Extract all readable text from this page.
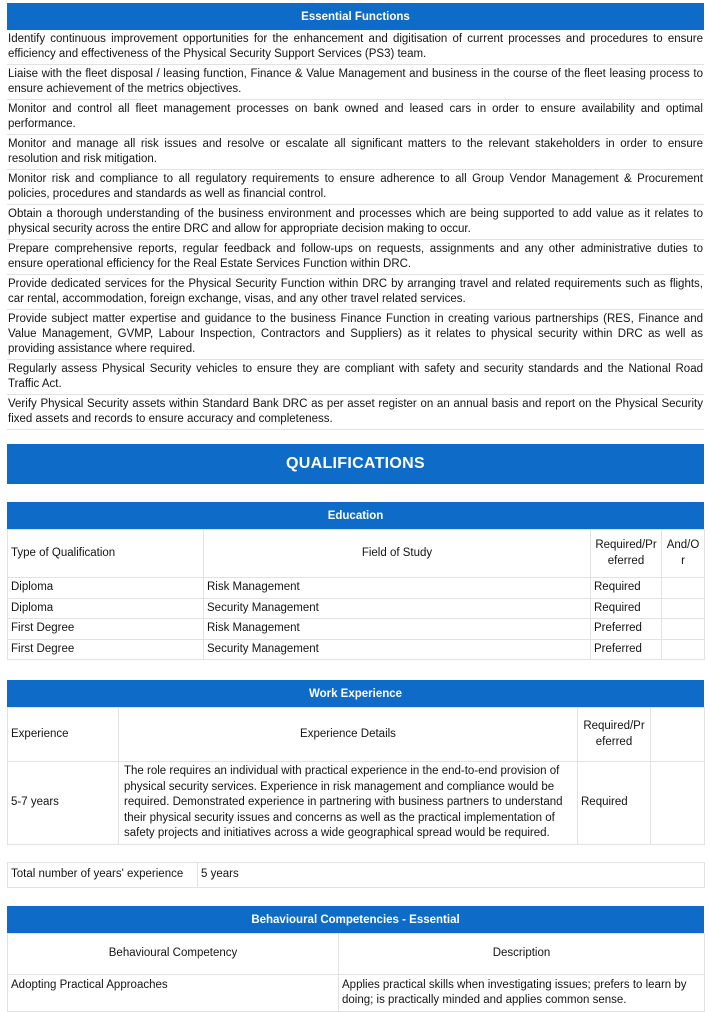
Essential Functions
Identify continuous improvement opportunities for the enhancement and digitisation of current processes and procedures to ensure efficiency and effectiveness of the Physical Security Support Services (PS3) team.
Liaise with the fleet disposal / leasing function, Finance & Value Management and business in the course of the fleet leasing process to ensure achievement of the metrics objectives.
Monitor and control all fleet management processes on bank owned and leased cars in order to ensure availability and optimal performance.
Monitor and manage all risk issues and resolve or escalate all significant matters to the relevant stakeholders in order to ensure resolution and risk mitigation.
Monitor risk and compliance to all regulatory requirements to ensure adherence to all Group Vendor Management & Procurement policies, procedures and standards as well as financial control.
Obtain a thorough understanding of the business environment and processes which are being supported to add value as it relates to physical security across the entire DRC and allow for appropriate decision making to occur.
Prepare comprehensive reports, regular feedback and follow-ups on requests, assignments and any other administrative duties to ensure operational efficiency for the Real Estate Services Function within DRC.
Provide dedicated services for the Physical Security Function within DRC by arranging travel and related requirements such as flights, car rental, accommodation, foreign exchange, visas, and any other travel related services.
Provide subject matter expertise and guidance to the business Finance Function in creating various partnerships (RES, Finance and Value Management, GVMP, Labour Inspection, Contractors and Suppliers) as it relates to physical security within DRC as well as providing assistance where required.
Regularly assess Physical Security vehicles to ensure they are compliant with safety and security standards and the National Road Traffic Act.
Verify Physical Security assets within Standard Bank DRC as per asset register on an annual basis and report on the Physical Security fixed assets and records to ensure accuracy and completeness.
QUALIFICATIONS
Education
Type of Qualification	Field of Study	Required/Preferred	And/Or
Diploma	Risk Management	Required	
Diploma	Security Management	Required	
First Degree	Risk Management	Preferred	
First Degree	Security Management	Preferred	
Work Experience
Experience	Experience Details	Required/Preferred	
5-7 years	The role requires an individual with practical experience in the end-to-end provision of physical security services. Experience in risk management and compliance would be required. Demonstrated experience in partnering with business partners to understand their physical security issues and concerns as well as the practical implementation of safety projects and initiatives across a wide geographical spread would be required.	Required	
Total number of years' experience	5 years
Behavioural Competencies - Essential
Behavioural Competency	Description
Adopting Practical Approaches	Applies practical skills when investigating issues; prefers to learn by doing; is practically minded and applies common sense.
